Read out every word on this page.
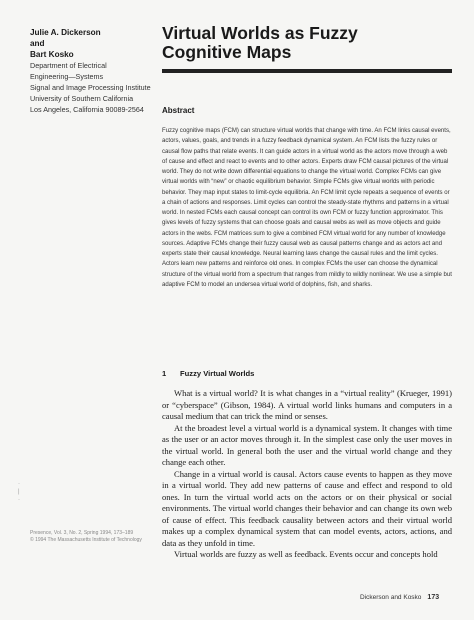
Julie A. Dickerson
and
Bart Kosko
Department of Electrical
Engineering—Systems
Signal and Image Processing Institute
University of Southern California
Los Angeles, California 90089-2564
Virtual Worlds as Fuzzy
Cognitive Maps
Abstract

Fuzzy cognitive maps (FCM) can structure virtual worlds that change with time. An FCM links causal events, actors, values, goals, and trends in a fuzzy feedback dynamical system. An FCM lists the fuzzy rules or causal flow paths that relate events. It can guide actors in a virtual world as the actors move through a web of cause and effect and react to events and to other actors. Experts draw FCM causal pictures of the virtual world. They do not write down differential equations to change the virtual world. Complex FCMs can give virtual worlds with “new” or chaotic equilibrium behavior. Simple FCMs give virtual worlds with periodic behavior. They map input states to limit-cycle equilibria. An FCM limit cycle repeats a sequence of events or a chain of actions and responses. Limit cycles can control the steady-state rhythms and patterns in a virtual world. In nested FCMs each causal concept can control its own FCM or fuzzy function approximator. This gives levels of fuzzy systems that can choose goals and causal webs as well as move objects and guide actors in the webs. FCM matrices sum to give a combined FCM virtual world for any number of knowledge sources. Adaptive FCMs change their fuzzy causal web as causal patterns change and as actors act and experts state their causal knowledge. Neural learning laws change the causal rules and the limit cycles. Actors learn new patterns and reinforce old ones. In complex FCMs the user can choose the dynamical structure of the virtual world from a spectrum that ranges from mildly to wildly nonlinear. We use a simple but adaptive FCM to model an undersea virtual world of dolphins, fish, and sharks.

1 Fuzzy Virtual Worlds

What is a virtual world? It is what changes in a “virtual reality” (Krueger, 1991) or “cyberspace” (Gibson, 1984). A virtual world links humans and computers in a causal medium that can trick the mind or senses.

At the broadest level a virtual world is a dynamical system. It changes with time as the user or an actor moves through it. In the simplest case only the user moves in the virtual world. In general both the user and the virtual world change and they change each other.

Change in a virtual world is causal. Actors cause events to happen as they move in a virtual world. They add new patterns of cause and effect and respond to old ones. In turn the virtual world acts on the actors or on their physical or social environments. The virtual world changes their behavior and can change its own web of cause of effect. This feedback causality between actors and their virtual world makes up a complex dynamical system that can model events, actors, actions, and data as they unfold in time.

Virtual worlds are fuzzy as well as feedback. Events occur and concepts hold

·
|
·
Presence, Vol. 3, No. 2, Spring 1994, 173–189
© 1994 The Massachusetts Institute of Technology
Dickerson and Kosko 173
